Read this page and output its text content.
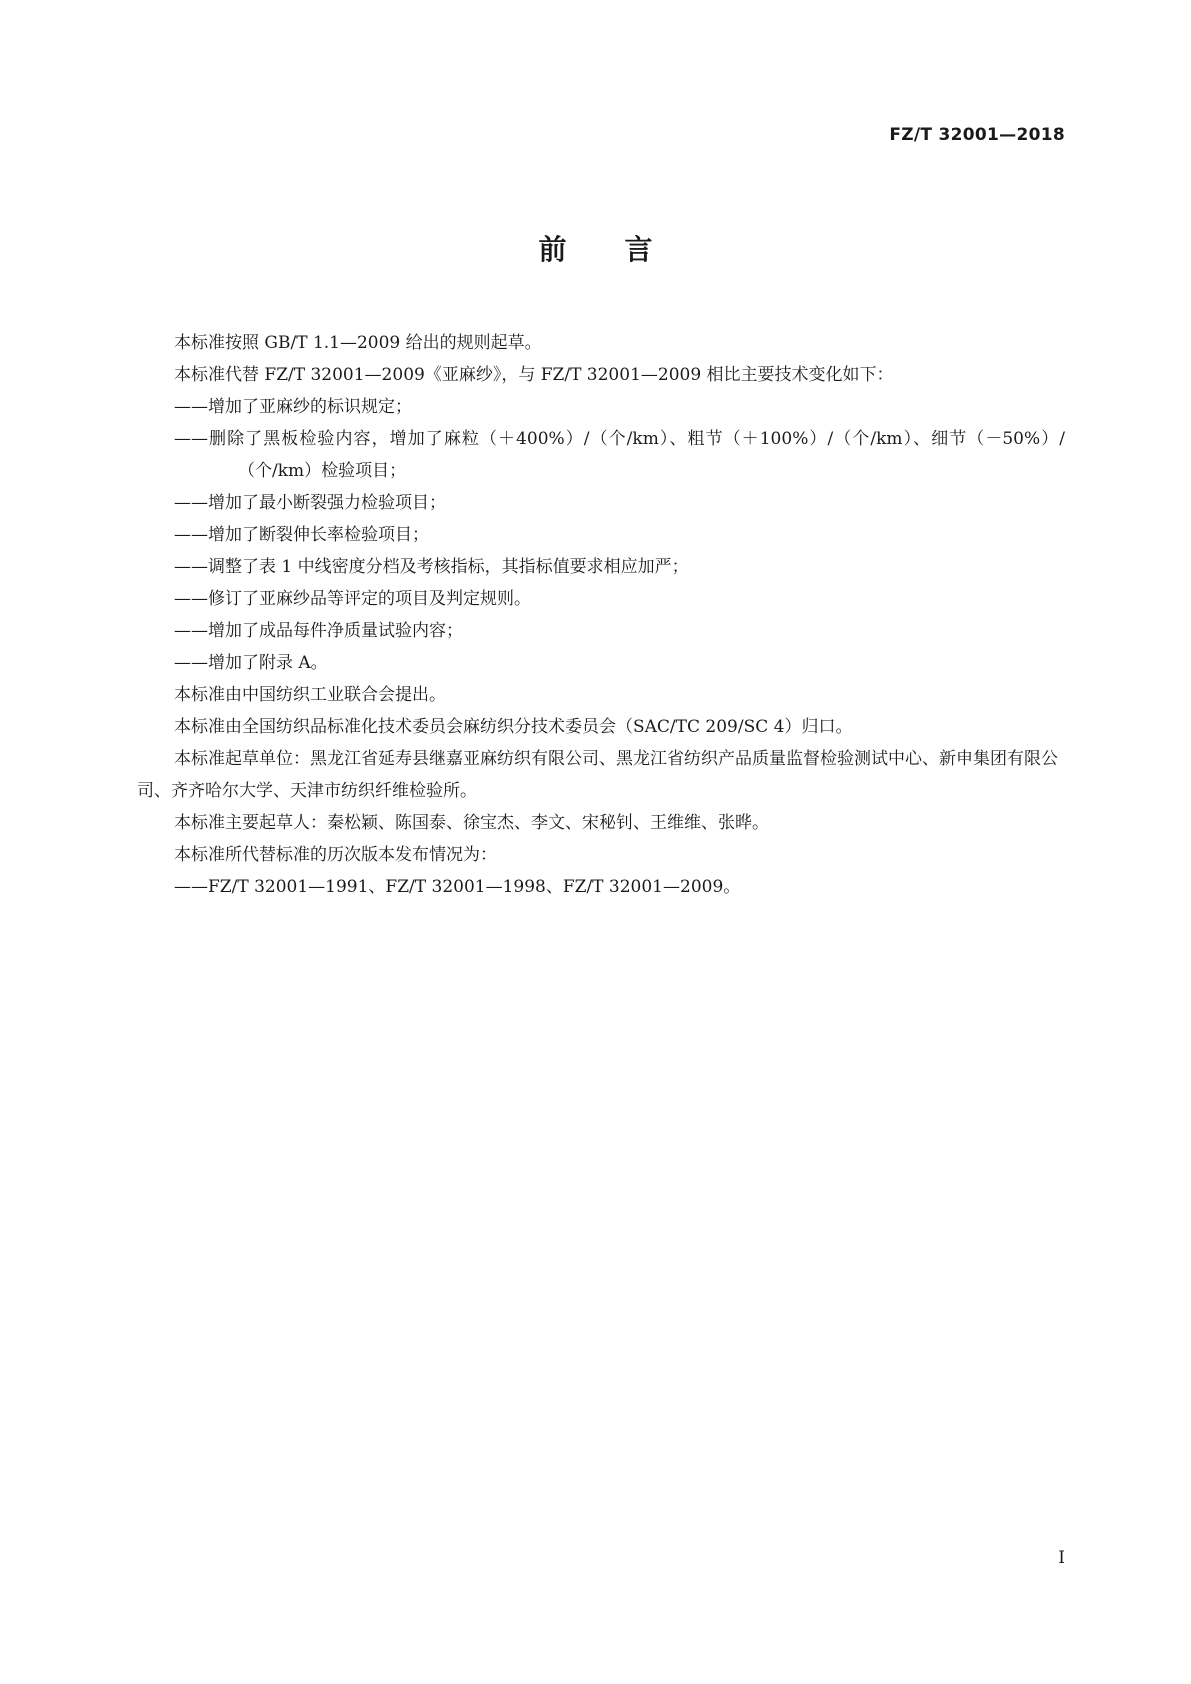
FZ/T 32001—2018
前言

本标准按照 GB/T 1.1—2009 给出的规则起草。

本标准代替 FZ/T 32001—2009《亚麻纱》，与 FZ/T 32001—2009 相比主要技术变化如下：

——增加了亚麻纱的标识规定；

——删除了黑板检验内容，增加了麻粒（＋400%）/（个/km）、粗节（＋100%）/（个/km）、细节（－50%）/（个/km）检验项目；

——增加了最小断裂强力检验项目；

——增加了断裂伸长率检验项目；

——调整了表 1 中线密度分档及考核指标，其指标值要求相应加严；

——修订了亚麻纱品等评定的项目及判定规则。

——增加了成品每件净质量试验内容；

——增加了附录 A。

本标准由中国纺织工业联合会提出。

本标准由全国纺织品标准化技术委员会麻纺织分技术委员会（SAC/TC 209/SC 4）归口。

本标准起草单位：黑龙江省延寿县继嘉亚麻纺织有限公司、黑龙江省纺织产品质量监督检验测试中心、新申集团有限公司、齐齐哈尔大学、天津市纺织纤维检验所。

本标准主要起草人：秦松颖、陈国泰、徐宝杰、李文、宋秘钊、王维维、张晔。

本标准所代替标准的历次版本发布情况为：

——FZ/T 32001—1991、FZ/T 32001—1998、FZ/T 32001—2009。

I
